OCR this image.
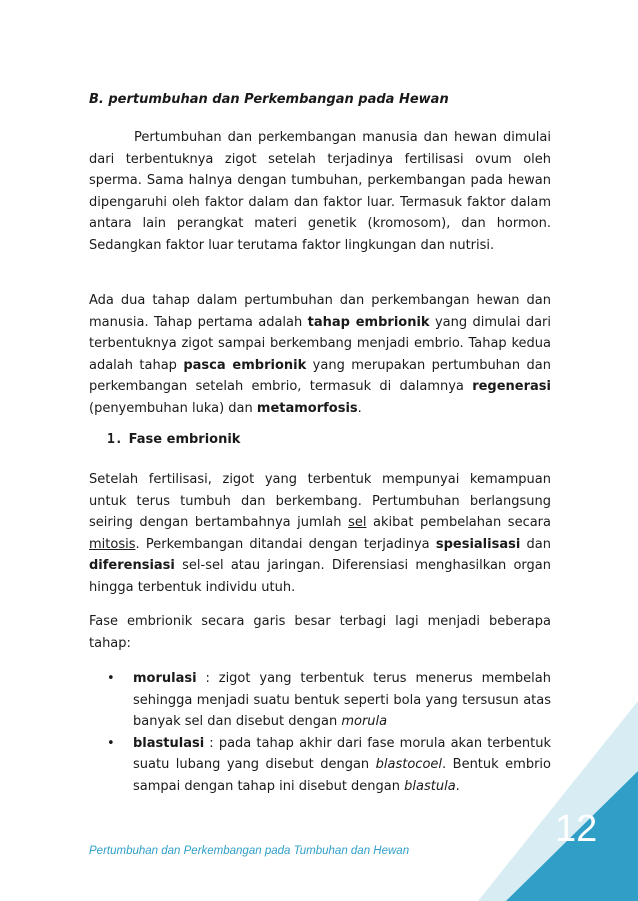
B. pertumbuhan dan Perkembangan pada Hewan

Pertumbuhan dan perkembangan manusia dan hewan dimulai dari terbentuknya zigot setelah terjadinya fertilisasi ovum oleh sperma. Sama halnya dengan tumbuhan, perkembangan pada hewan dipengaruhi oleh faktor dalam dan faktor luar. Termasuk faktor dalam antara lain perangkat materi genetik (kromosom), dan hormon. Sedangkan faktor luar terutama faktor lingkungan dan nutrisi.

Ada dua tahap dalam pertumbuhan dan perkembangan hewan dan manusia. Tahap pertama adalah tahap embrionik yang dimulai dari terbentuknya zigot sampai berkembang menjadi embrio. Tahap kedua adalah tahap pasca embrionik yang merupakan pertumbuhan dan perkembangan setelah embrio, termasuk di dalamnya regenerasi (penyembuhan luka) dan metamorfosis.

1. Fase embrionik

Setelah fertilisasi, zigot yang terbentuk mempunyai kemampuan untuk terus tumbuh dan berkembang. Pertumbuhan berlangsung seiring dengan bertambahnya jumlah sel akibat pembelahan secara mitosis. Perkembangan ditandai dengan terjadinya spesialisasi dan diferensiasi sel-sel atau jaringan. Diferensiasi menghasilkan organ hingga terbentuk individu utuh.

Fase embrionik secara garis besar terbagi lagi menjadi beberapa tahap:

• morulasi : zigot yang terbentuk terus menerus membelah sehingga menjadi suatu bentuk seperti bola yang tersusun atas banyak sel dan disebut dengan morula
• blastulasi : pada tahap akhir dari fase morula akan terbentuk suatu lubang yang disebut dengan blastocoel. Bentuk embrio sampai dengan tahap ini disebut dengan blastula.
Pertumbuhan dan Perkembangan pada Tumbuhan dan Hewan
12
